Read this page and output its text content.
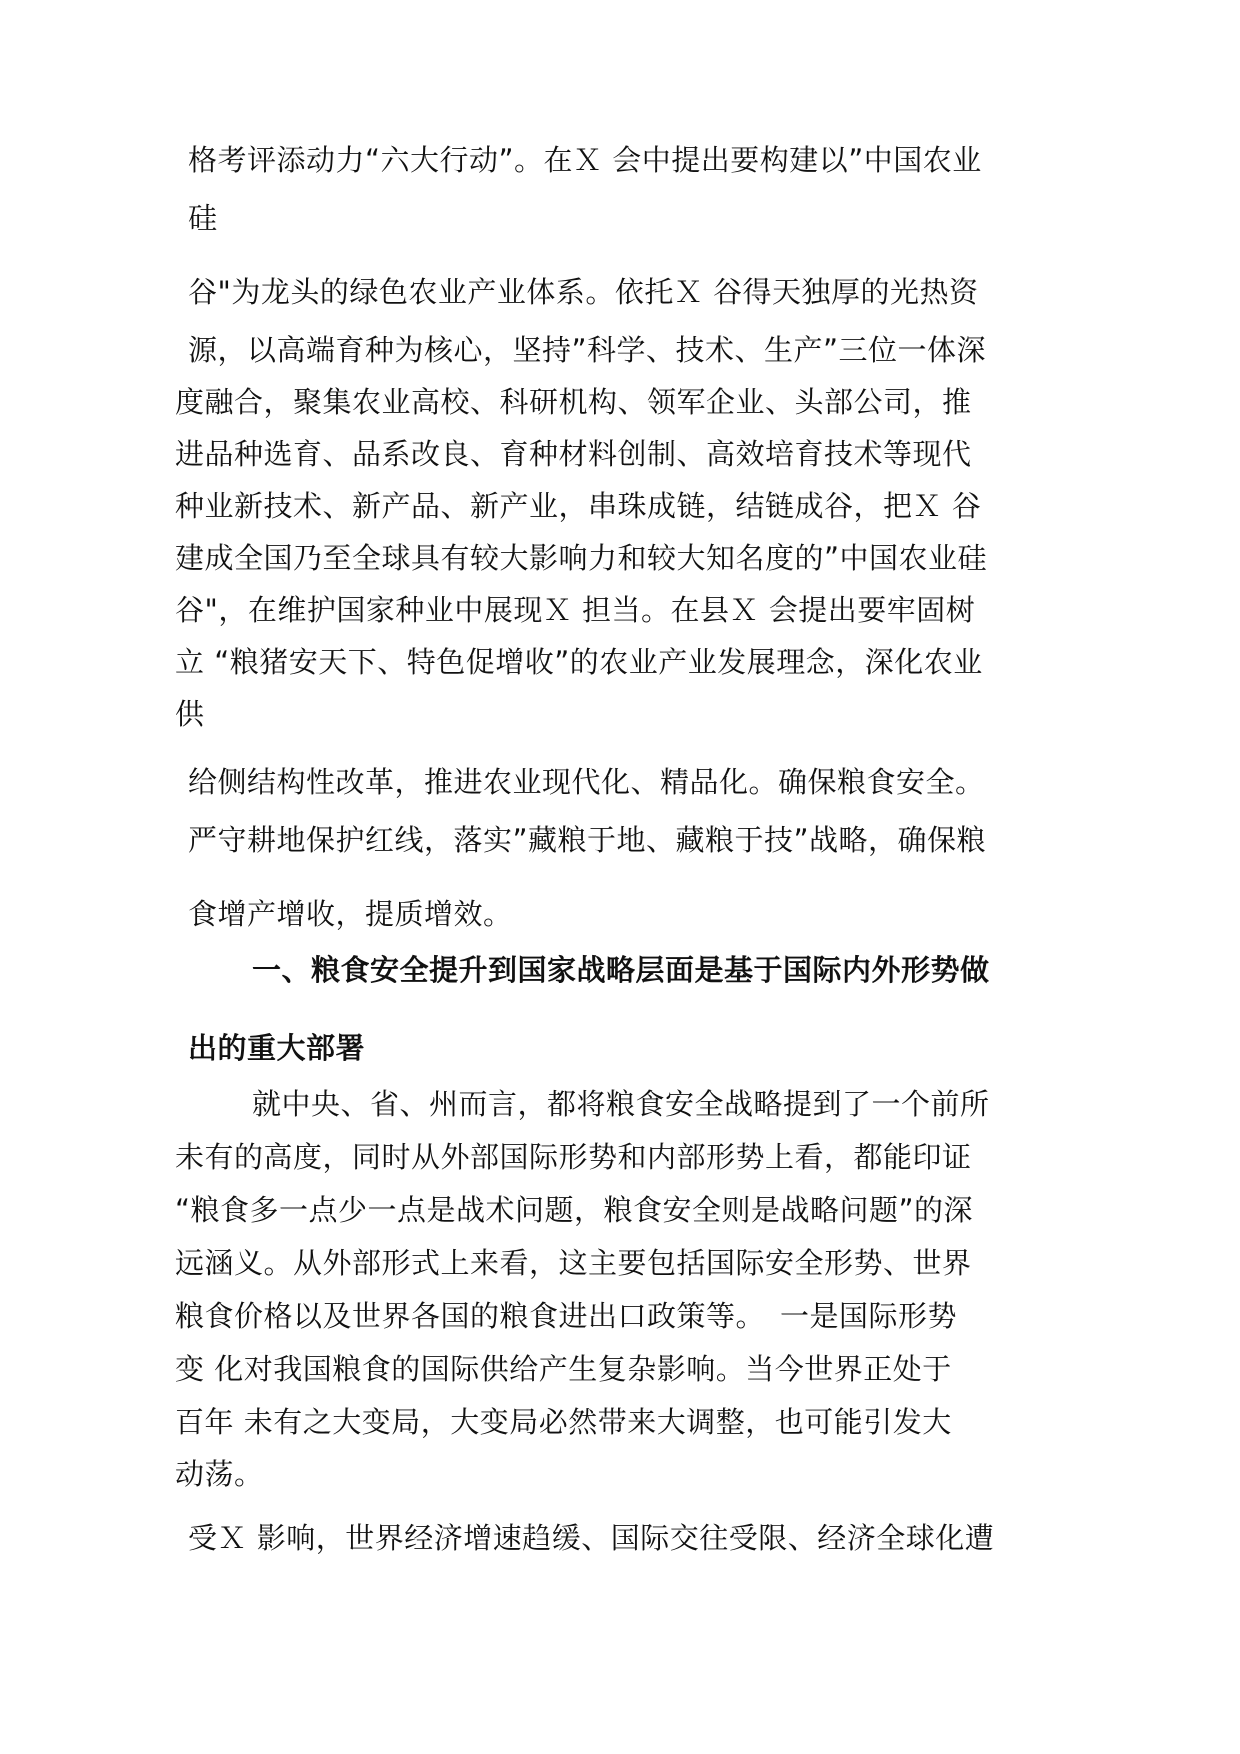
格考评添动力“六大行动”。在Ｘ 会中提出要构建以”中国农业

硅

谷"为龙头的绿色农业产业体系。依托Ｘ 谷得天独厚的光热资

源，以高端育种为核心，坚持”科学、技术、生产”三位一体深

度融合，聚集农业高校、科研机构、领军企业、头部公司，推

进品种选育、品系改良、育种材料创制、高效培育技术等现代

种业新技术、新产品、新产业，串珠成链，结链成谷，把Ｘ 谷

建成全国乃至全球具有较大影响力和较大知名度的”中国农业硅

谷"，在维护国家种业中展现Ｘ 担当。在县Ｘ 会提出要牢固树

立 “粮猪安天下、特色促增收”的农业产业发展理念，深化农业

供

给侧结构性改革，推进农业现代化、精品化。确保粮食安全。

严守耕地保护红线，落实”藏粮于地、藏粮于技”战略，确保粮

食增产增收，提质增效。

一、粮食安全提升到国家战略层面是基于国际内外形势做

出的重大部署

就中央、省、州而言，都将粮食安全战略提到了一个前所

未有的高度，同时从外部国际形势和内部形势上看，都能印证

“粮食多一点少一点是战术问题，粮食安全则是战略问题”的深

远涵义。从外部形式上来看，这主要包括国际安全形势、世界

粮食价格以及世界各国的粮食进出口政策等。　一是国际形势

变 化对我国粮食的国际供给产生复杂影响。当今世界正处于

百年 未有之大变局，大变局必然带来大调整，也可能引发大

动荡。

受Ｘ 影响，世界经济增速趋缓、国际交往受限、经济全球化遭
